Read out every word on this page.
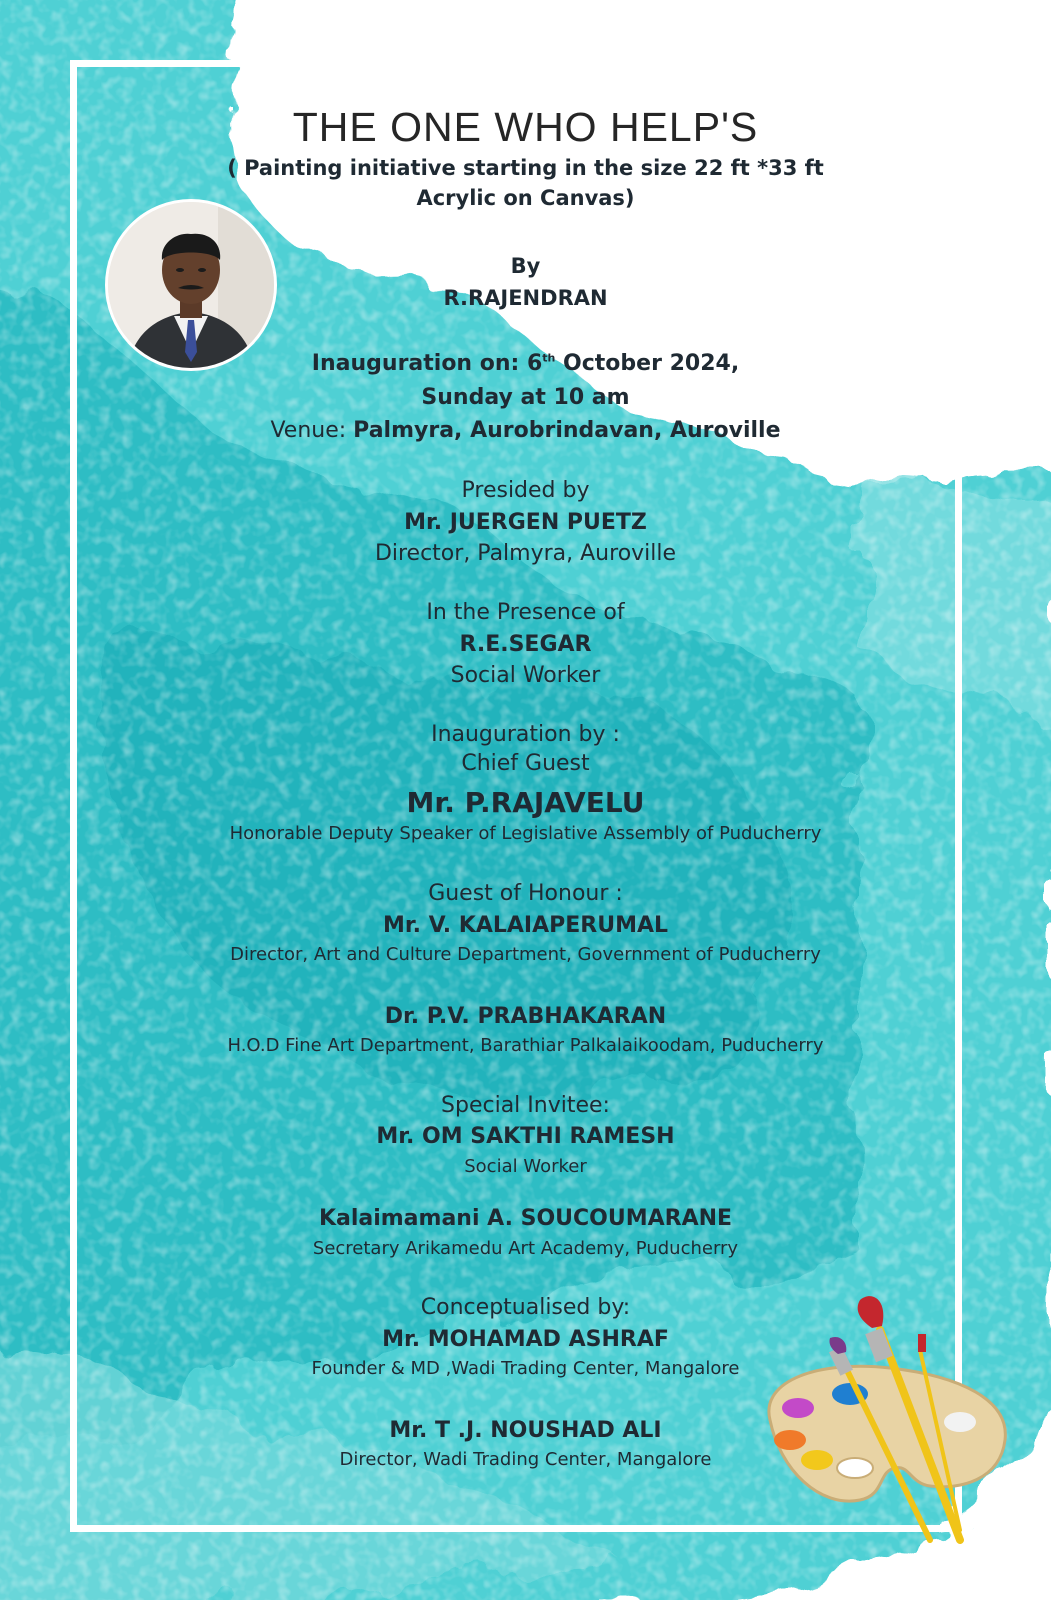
THE ONE WHO HELP'S
( Painting initiative starting in the size 22 ft *33 ft
Acrylic on Canvas)
By
R.RAJENDRAN
Inauguration on: 6th October 2024,
Sunday at 10 am
Venue: Palmyra, Aurobrindavan, Auroville
Presided by
Mr. JUERGEN PUETZ
Director, Palmyra, Auroville
In the Presence of
R.E.SEGAR
Social Worker
Inauguration by :
Chief Guest
Mr. P.RAJAVELU
Honorable Deputy Speaker of Legislative Assembly of Puducherry
Guest of Honour :
Mr. V. KALAIAPERUMAL
Director, Art and Culture Department, Government of Puducherry
Dr. P.V. PRABHAKARAN
H.O.D Fine Art Department, Barathiar Palkalaikoodam, Puducherry
Special Invitee:
Mr. OM SAKTHI RAMESH
Social Worker
Kalaimamani A. SOUCOUMARANE
Secretary Arikamedu Art Academy, Puducherry
Conceptualised by:
Mr. MOHAMAD ASHRAF
Founder & MD ,Wadi Trading Center, Mangalore
Mr. T .J. NOUSHAD ALI
Director, Wadi Trading Center, Mangalore
